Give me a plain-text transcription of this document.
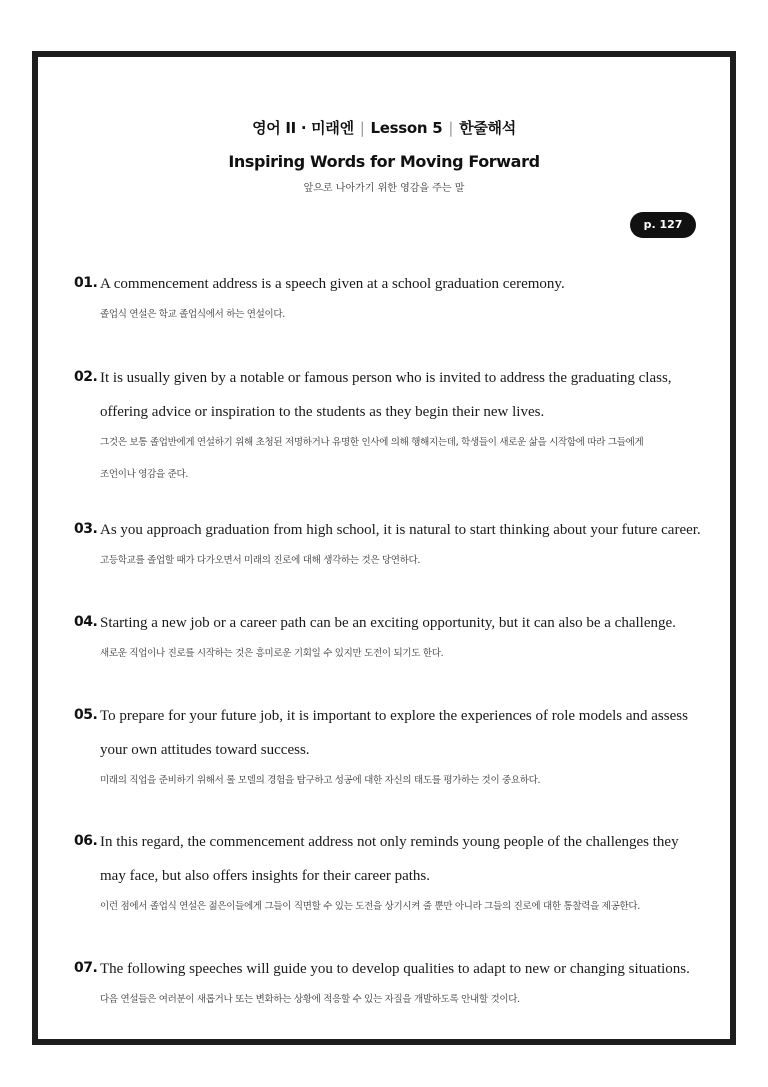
영어 II · 미래엔 | Lesson 5 | 한줄해석
Inspiring Words for Moving Forward
앞으로 나아가기 위한 영감을 주는 말
p. 127
01. A commencement address is a speech given at a school graduation ceremony.
졸업식 연설은 학교 졸업식에서 하는 연설이다.
02. It is usually given by a notable or famous person who is invited to address the graduating class,
offering advice or inspiration to the students as they begin their new lives.
그것은 보통 졸업반에게 연설하기 위해 초청된 저명하거나 유명한 인사에 의해 행해지는데, 학생들이 새로운 삶을 시작함에 따라 그들에게
조언이나 영감을 준다.
03. As you approach graduation from high school, it is natural to start thinking about your future career.
고등학교를 졸업할 때가 다가오면서 미래의 진로에 대해 생각하는 것은 당연하다.
04. Starting a new job or a career path can be an exciting opportunity, but it can also be a challenge.
새로운 직업이나 진로를 시작하는 것은 흥미로운 기회일 수 있지만 도전이 되기도 한다.
05. To prepare for your future job, it is important to explore the experiences of role models and assess
your own attitudes toward success.
미래의 직업을 준비하기 위해서 롤 모델의 경험을 탐구하고 성공에 대한 자신의 태도를 평가하는 것이 중요하다.
06. In this regard, the commencement address not only reminds young people of the challenges they
may face, but also offers insights for their career paths.
이런 점에서 졸업식 연설은 젊은이들에게 그들이 직면할 수 있는 도전을 상기시켜 줄 뿐만 아니라 그들의 진로에 대한 통찰력을 제공한다.
07. The following speeches will guide you to develop qualities to adapt to new or changing situations.
다음 연설들은 여러분이 새롭거나 또는 변화하는 상황에 적응할 수 있는 자질을 개발하도록 안내할 것이다.
